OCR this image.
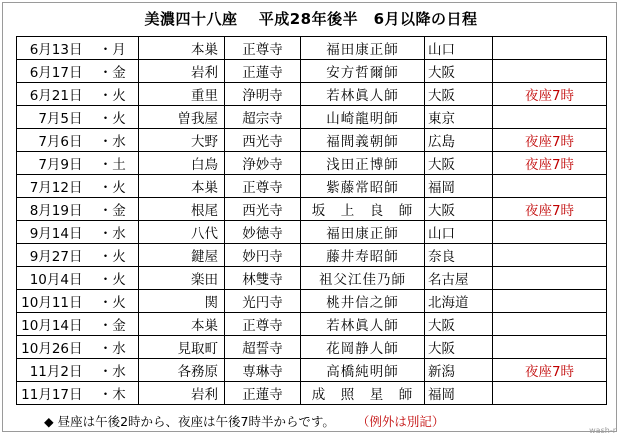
美濃四十八座　 平成28年後半　6月以降の日程
6月13日	・月	本巣	正尊寺	福田康正師	山口	
6月17日	・金	岩利	正蓮寺	安方哲爾師	大阪	
6月21日	・火	重里	浄明寺	若林眞人師	大阪	夜座7時
7月5日	・火	曽我屋	超宗寺	山崎龍明師	東京	
7月6日	・水	大野	西光寺	福間義朝師	広島	夜座7時
7月9日	・土	白鳥	浄妙寺	浅田正博師	大阪	夜座7時
7月12日	・火	本巣	正尊寺	紫藤常昭師	福岡	
8月19日	・金	根尾	西光寺	坂　上　良　師	大阪	夜座7時
9月14日	・水	八代	妙徳寺	福田康正師	山口	
9月27日	・火	鍵屋	妙円寺	藤井寿昭師	奈良	
10月4日	・火	楽田	林雙寺	祖父江佳乃師	名古屋	
10月11日	・火	関	光円寺	桃井信之師	北海道	
10月14日	・金	本巣	正尊寺	若林眞人師	大阪	
10月26日	・水	見取町	超誓寺	花岡静人師	大阪	
11月2日	・水	各務原	専琳寺	高橋純明師	新潟	夜座7時
11月17日	・木	岩利	正蓮寺	成　照　星　師	福岡	
◆ 昼座は午後2時から、夜座は午後7時半からです。 （例外は別記）
wash-r
